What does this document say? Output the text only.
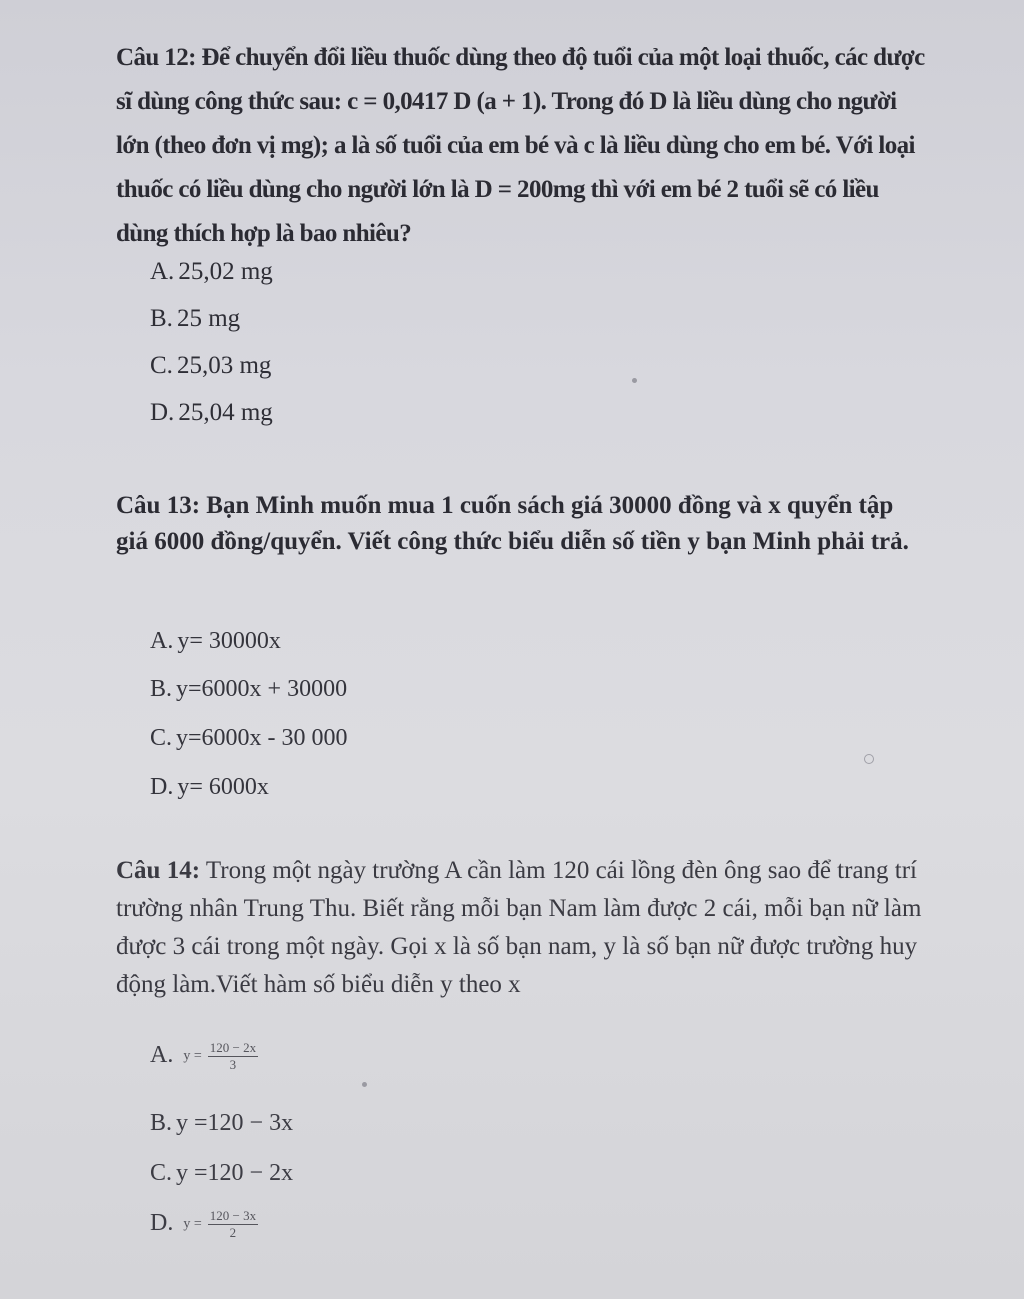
Câu 12: Để chuyển đổi liều thuốc dùng theo độ tuổi của một loại thuốc, các dược sĩ dùng công thức sau: c = 0,0417 D (a + 1). Trong đó D là liều dùng cho người lớn (theo đơn vị mg); a là số tuổi của em bé và c là liều dùng cho em bé. Với loại thuốc có liều dùng cho người lớn là D = 200mg thì với em bé 2 tuổi sẽ có liều dùng thích hợp là bao nhiêu?
A. 25,02 mg
B. 25 mg
C. 25,03 mg
D. 25,04 mg
Câu 13: Bạn Minh muốn mua 1 cuốn sách giá 30000 đồng và x quyển tập giá 6000 đồng/quyển. Viết công thức biểu diễn số tiền y bạn Minh phải trả.
A. y= 30000x
B. y=6000x + 30000
C. y=6000x - 30 000
D. y= 6000x
Câu 14: Trong một ngày trường A cần làm 120 cái lồng đèn ông sao để trang trí trường nhân Trung Thu. Biết rằng mỗi bạn Nam làm được 2 cái, mỗi bạn nữ làm được 3 cái trong một ngày. Gọi x là số bạn nam, y là số bạn nữ được trường huy động làm.Viết hàm số biểu diễn y theo x
A. $y = \frac{120 - 2x}{3}$
B. y =120 − 3x
C. y =120 − 2x
D. $y = \frac{120 - 3x}{2}$
